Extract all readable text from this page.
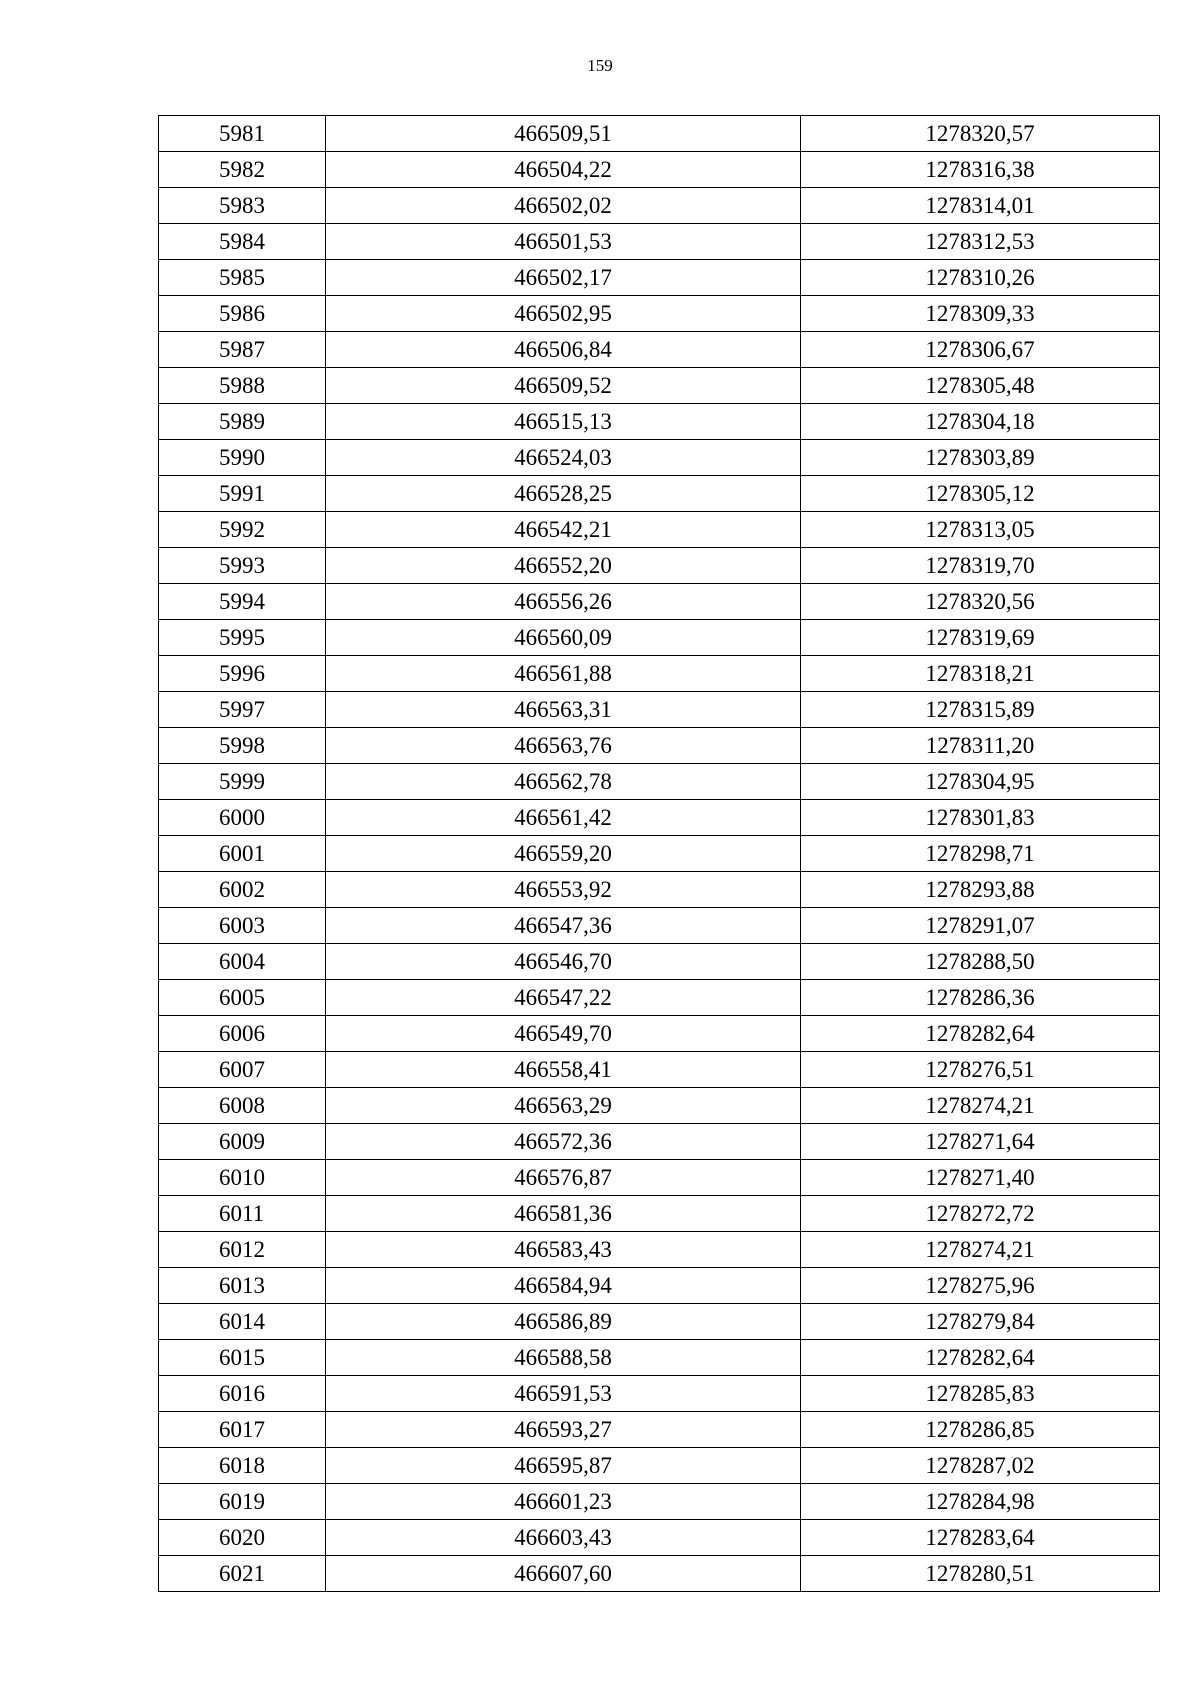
159
5981	466509,51	1278320,57
5982	466504,22	1278316,38
5983	466502,02	1278314,01
5984	466501,53	1278312,53
5985	466502,17	1278310,26
5986	466502,95	1278309,33
5987	466506,84	1278306,67
5988	466509,52	1278305,48
5989	466515,13	1278304,18
5990	466524,03	1278303,89
5991	466528,25	1278305,12
5992	466542,21	1278313,05
5993	466552,20	1278319,70
5994	466556,26	1278320,56
5995	466560,09	1278319,69
5996	466561,88	1278318,21
5997	466563,31	1278315,89
5998	466563,76	1278311,20
5999	466562,78	1278304,95
6000	466561,42	1278301,83
6001	466559,20	1278298,71
6002	466553,92	1278293,88
6003	466547,36	1278291,07
6004	466546,70	1278288,50
6005	466547,22	1278286,36
6006	466549,70	1278282,64
6007	466558,41	1278276,51
6008	466563,29	1278274,21
6009	466572,36	1278271,64
6010	466576,87	1278271,40
6011	466581,36	1278272,72
6012	466583,43	1278274,21
6013	466584,94	1278275,96
6014	466586,89	1278279,84
6015	466588,58	1278282,64
6016	466591,53	1278285,83
6017	466593,27	1278286,85
6018	466595,87	1278287,02
6019	466601,23	1278284,98
6020	466603,43	1278283,64
6021	466607,60	1278280,51
